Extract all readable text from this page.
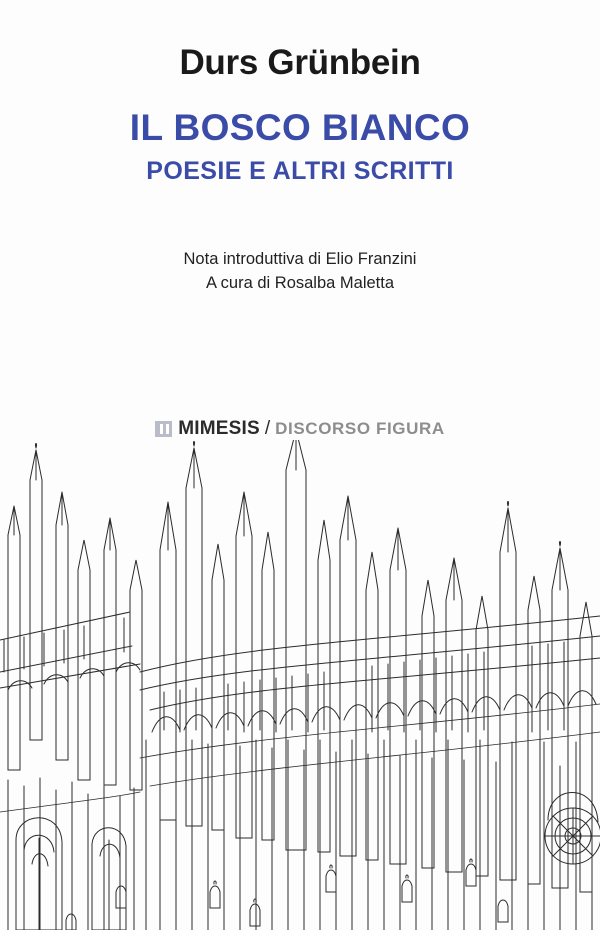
Durs Grünbein
IL BOSCO BIANCO
POESIE E ALTRI SCRITTI
Nota introduttiva di Elio Franzini
A cura di Rosalba Maletta
MIMESIS / DISCORSO FIGURA
